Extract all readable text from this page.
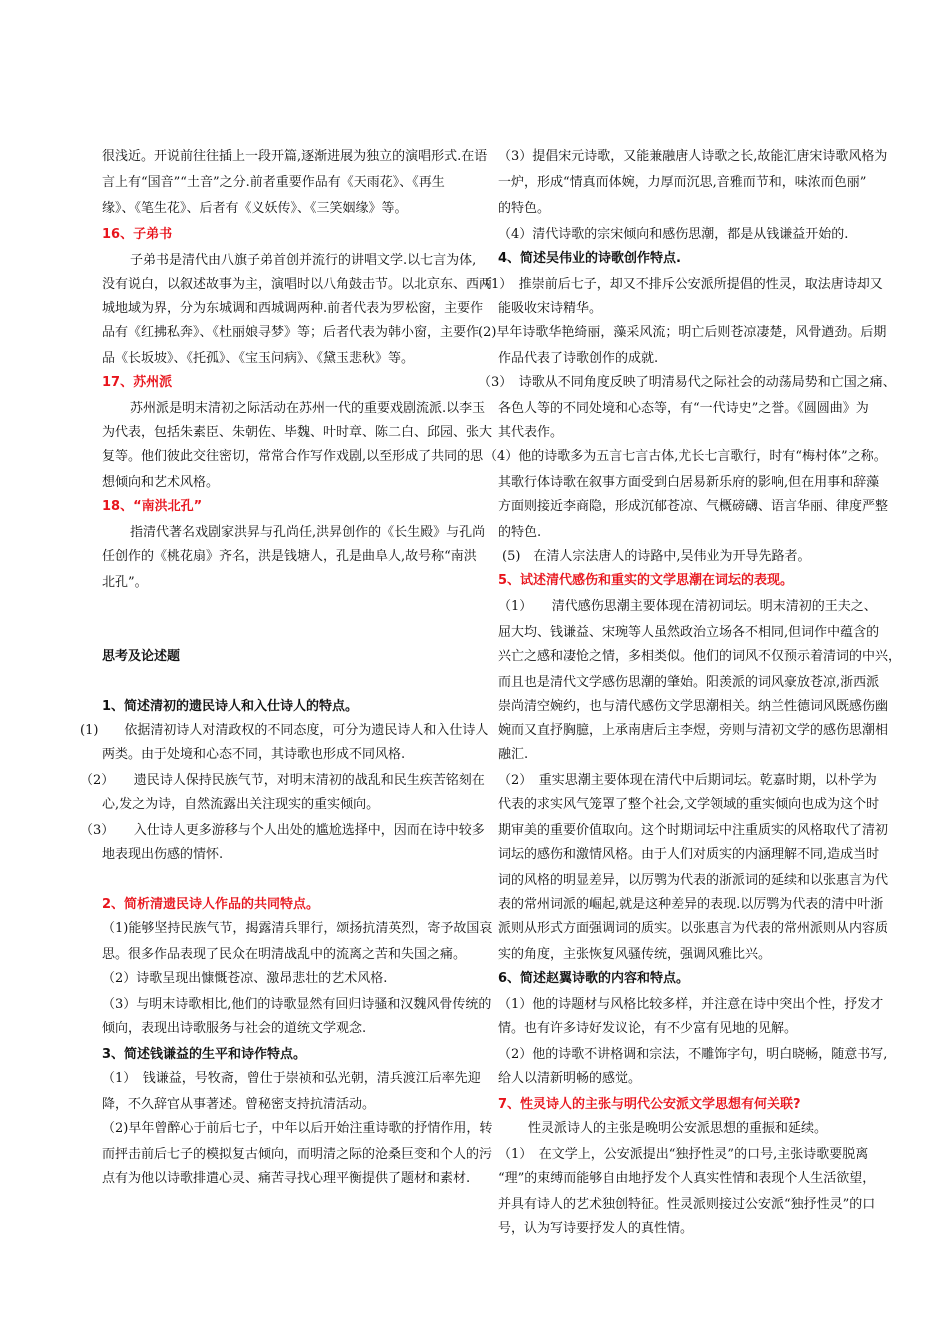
很浅近。开说前往往插上一段开篇,逐渐进展为独立的演唱形式.在语
言上有“国音”“土音”之分.前者重要作品有《天雨花》、《再生
缘》、《笔生花》、后者有《义妖传》、《三笑姻缘》等。
16、子弟书
子弟书是清代由八旗子弟首创并流行的讲唱文学.以七言为体,
没有说白，以叙述故事为主，演唱时以八角鼓击节。以北京东、西两
城地域为界，分为东城调和西城调两种.前者代表为罗松窗，主要作
品有《红拂私奔》、《杜丽娘寻梦》等；后者代表为韩小窗，主要作
品《长坂坡》、《托孤》、《宝玉问病》、《黛玉悲秋》等。
17、苏州派
苏州派是明末清初之际活动在苏州一代的重要戏剧流派.以李玉
为代表，包括朱素臣、朱朝佐、毕魏、叶时章、陈二白、邱园、张大
复等。他们彼此交往密切，常常合作写作戏剧,以至形成了共同的思
想倾向和艺术风格。
18、“南洪北孔”
指清代著名戏剧家洪昇与孔尚任,洪昇创作的《长生殿》与孔尚
任创作的《桃花扇》齐名，洪是钱塘人，孔是曲阜人,故号称“南洪
北孔”。
思考及论述题
1、简述清初的遗民诗人和入仕诗人的特点。
(1)　　依据清初诗人对清政权的不同态度，可分为遗民诗人和入仕诗人
两类。由于处境和心态不同，其诗歌也形成不同风格.
（2）　　遗民诗人保持民族气节，对明末清初的战乱和民生疾苦铭刻在
心,发之为诗，自然流露出关注现实的重实倾向。
（3）　　入仕诗人更多游移与个人出处的尴尬选择中，因而在诗中较多
地表现出伤感的情怀.
2、简析清遗民诗人作品的共同特点。
（1)能够坚持民族气节，揭露清兵罪行，颂扬抗清英烈，寄予故国哀
思。很多作品表现了民众在明清战乱中的流离之苦和失国之痛。
（2）诗歌呈现出慷慨苍凉、激昂悲壮的艺术风格.
（3）与明末诗歌相比,他们的诗歌显然有回归诗骚和汉魏风骨传统的
倾向，表现出诗歌服务与社会的道统文学观念.
3、简述钱谦益的生平和诗作特点。
（1）　钱谦益，号牧斋，曾仕于崇祯和弘光朝，清兵渡江后率先迎
降，不久辞官从事著述。曾秘密支持抗清活动。
（2)早年曾醉心于前后七子，中年以后开始注重诗歌的抒情作用，转
而抨击前后七子的模拟复古倾向，而明清之际的沧桑巨变和个人的污
点有为他以诗歌排遣心灵、痛苦寻找心理平衡提供了题材和素材.
（3）提倡宋元诗歌，又能兼融唐人诗歌之长,故能汇唐宋诗歌风格为
一炉，形成“情真而体婉，力厚而沉思,音雅而节和，味浓而色丽”
的特色。
（4）清代诗歌的宗宋倾向和感伤思潮，都是从钱谦益开始的.
4、简述吴伟业的诗歌创作特点.
（1）　推崇前后七子，却又不排斥公安派所提倡的性灵，取法唐诗却又
能吸收宋诗精华。
(2)早年诗歌华艳绮丽，藻采风流；明亡后则苍凉凄楚，风骨遒劲。后期
作品代表了诗歌创作的成就.
（3）　诗歌从不同角度反映了明清易代之际社会的动荡局势和亡国之痛、
各色人等的不同处境和心态等，有“一代诗史”之誉。《圆圆曲》为
其代表作。
（4）他的诗歌多为五言七言古体,尤长七言歌行，时有“梅村体”之称。
其歌行体诗歌在叙事方面受到白居易新乐府的影响,但在用事和辞藻
方面则接近李商隐，形成沉郁苍凉、气概磅礴、语言华丽、律度严整
的特色.
(5)　在清人宗法唐人的诗路中,吴伟业为开导先路者。
5、试述清代感伤和重实的文学思潮在词坛的表现。
（1）　　清代感伤思潮主要体现在清初词坛。明末清初的王夫之、
屈大均、钱谦益、宋琬等人虽然政治立场各不相同,但词作中蕴含的
兴亡之感和凄怆之情，多相类似。他们的词风不仅预示着清词的中兴，
而且也是清代文学感伤思潮的肇始。阳羡派的词风豪放苍凉,浙西派
崇尚清空婉约，也与清代感伤文学思潮相关。纳兰性德词风既感伤幽
婉而又直抒胸臆，上承南唐后主李煜，旁则与清初文学的感伤思潮相
融汇.
（2）　重实思潮主要体现在清代中后期词坛。乾嘉时期，以朴学为
代表的求实风气笼罩了整个社会,文学领域的重实倾向也成为这个时
期审美的重要价值取向。这个时期词坛中注重质实的风格取代了清初
词坛的感伤和激情风格。由于人们对质实的内涵理解不同,造成当时
词的风格的明显差异，以厉鹗为代表的浙派词的延续和以张惠言为代
表的常州词派的崛起,就是这种差异的表现.以厉鹗为代表的清中叶浙
派则从形式方面强调词的质实。以张惠言为代表的常州派则从内容质
实的角度，主张恢复风骚传统，强调风雅比兴。
6、简述赵翼诗歌的内容和特点。
（1）他的诗题材与风格比较多样，并注意在诗中突出个性，抒发才
情。也有许多诗好发议论，有不少富有见地的见解。
（2）他的诗歌不讲格调和宗法，不雕饰字句，明白晓畅，随意书写,
给人以清新明畅的感觉。
7、性灵诗人的主张与明代公安派文学思想有何关联?
性灵派诗人的主张是晚明公安派思想的重振和延续。
（1）　在文学上，公安派提出“独抒性灵”的口号,主张诗歌要脱离
“理”的束缚而能够自由地抒发个人真实性情和表现个人生活欲望，
并具有诗人的艺术独创特征。性灵派则接过公安派“独抒性灵”的口
号，认为写诗要抒发人的真性情。
